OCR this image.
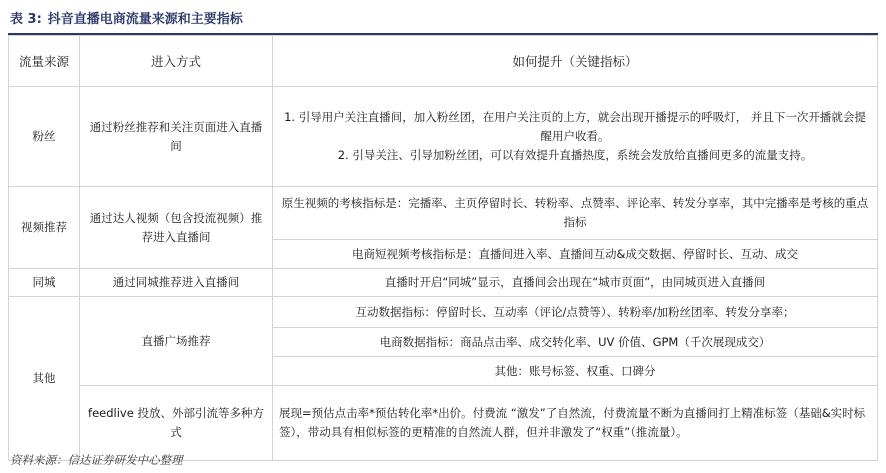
表 3: 抖音直播电商流量来源和主要指标
流量来源	进入方式	如何提升（关键指标）
粉丝	通过粉丝推荐和关注页面进入直播间	1. 引导用户关注直播间，加入粉丝团，在用户关注页的上方，就会出现开播提示的呼吸灯， 并且下一次开播就会提醒用户收看。
2. 引导关注、引导加粉丝团，可以有效提升直播热度，系统会发放给直播间更多的流量支持。

视频推荐	通过达人视频（包含投流视频）推荐进入直播间	原生视频的考核指标是：完播率、主页停留时长、转粉率、点赞率、评论率、转发分享率，其中完播率是考核的重点指标
		电商短视频考核指标是：直播间进入率、直播间互动&成交数据、停留时长、互动、成交
同城	通过同城推荐进入直播间	直播时开启“同城”显示，直播间会出现在“城市页面”，由同城页进入直播间
其他	直播广场推荐	互动数据指标：停留时长、互动率（评论/点赞等）、转粉率/加粉丝团率、转发分享率；
		电商数据指标：商品点击率、成交转化率、UV 价值、GPM（千次展现成交）
		其他：账号标签、权重、口碑分
	feedlive 投放、外部引流等多种方式	展现=预估点击率*预估转化率*出价。付费流 “激发”了自然流，付费流量不断为直播间打上精准标签（基础&实时标签），带动具有相似标签的更精准的自然流人群，但并非激发了“权重”（推流量）。
资料来源：信达证券研发中心整理
